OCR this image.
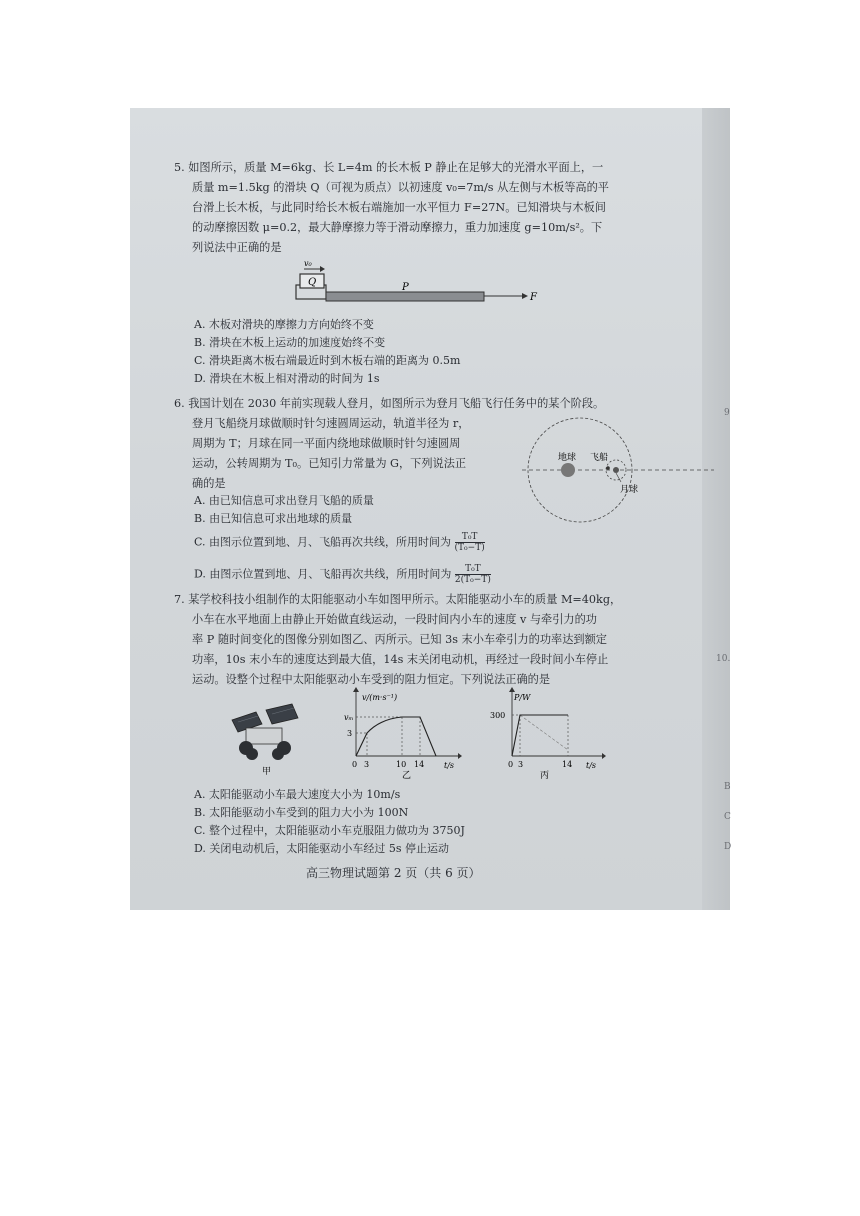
5. 如图所示，质量 M=6kg、长 L=4m 的长木板 P 静止在足够大的光滑水平面上，一
质量 m=1.5kg 的滑块 Q（可视为质点）以初速度 v₀=7m/s 从左侧与木板等高的平
台滑上长木板，与此同时给长木板右端施加一水平恒力 F=27N。已知滑块与木板间
的动摩擦因数 μ=0.2，最大静摩擦力等于滑动摩擦力，重力加速度 g=10m/s²。下
列说法中正确的是
Q
v₀
P
F
A. 木板对滑块的摩擦力方向始终不变
B. 滑块在木板上运动的加速度始终不变
C. 滑块距离木板右端最近时到木板右端的距离为 0.5m
D. 滑块在木板上相对滑动的时间为 1s
6. 我国计划在 2030 年前实现载人登月，如图所示为登月飞船飞行任务中的某个阶段。
登月飞船绕月球做顺时针匀速圆周运动，轨道半径为 r，
周期为 T；月球在同一平面内绕地球做顺时针匀速圆周
运动，公转周期为 T₀。已知引力常量为 G，下列说法正
确的是
地球 飞船
月球
A. 由已知信息可求出登月飞船的质量
B. 由已知信息可求出地球的质量
C. 由图示位置到地、月、飞船再次共线，所用时间为 $\frac{\text{T₀T}}{\text{(T₀−T)}}$
D. 由图示位置到地、月、飞船再次共线，所用时间为 $\frac{\text{T₀T}}{\text{2(T₀−T)}}$
7. 某学校科技小组制作的太阳能驱动小车如图甲所示。太阳能驱动小车的质量 M=40kg，
小车在水平地面上由静止开始做直线运动，一段时间内小车的速度 v 与牵引力的功
率 P 随时间变化的图像分别如图乙、丙所示。已知 3s 末小车牵引力的功率达到额定
功率，10s 末小车的速度达到最大值，14s 末关闭电动机，再经过一段时间小车停止
运动。设整个过程中太阳能驱动小车受到的阻力恒定。下列说法正确的是
甲
v/(m·s⁻¹)
t/s
vₘ
3
0 3	10 14
乙
P/W
t/s
300
0 3	14
丙
A. 太阳能驱动小车最大速度大小为 10m/s
B. 太阳能驱动小车受到的阻力大小为 100N
C. 整个过程中，太阳能驱动小车克服阻力做功为 3750J
D. 关闭电动机后，太阳能驱动小车经过 5s 停止运动
高三物理试题第 2 页（共 6 页）
9
10.
B
C
D
